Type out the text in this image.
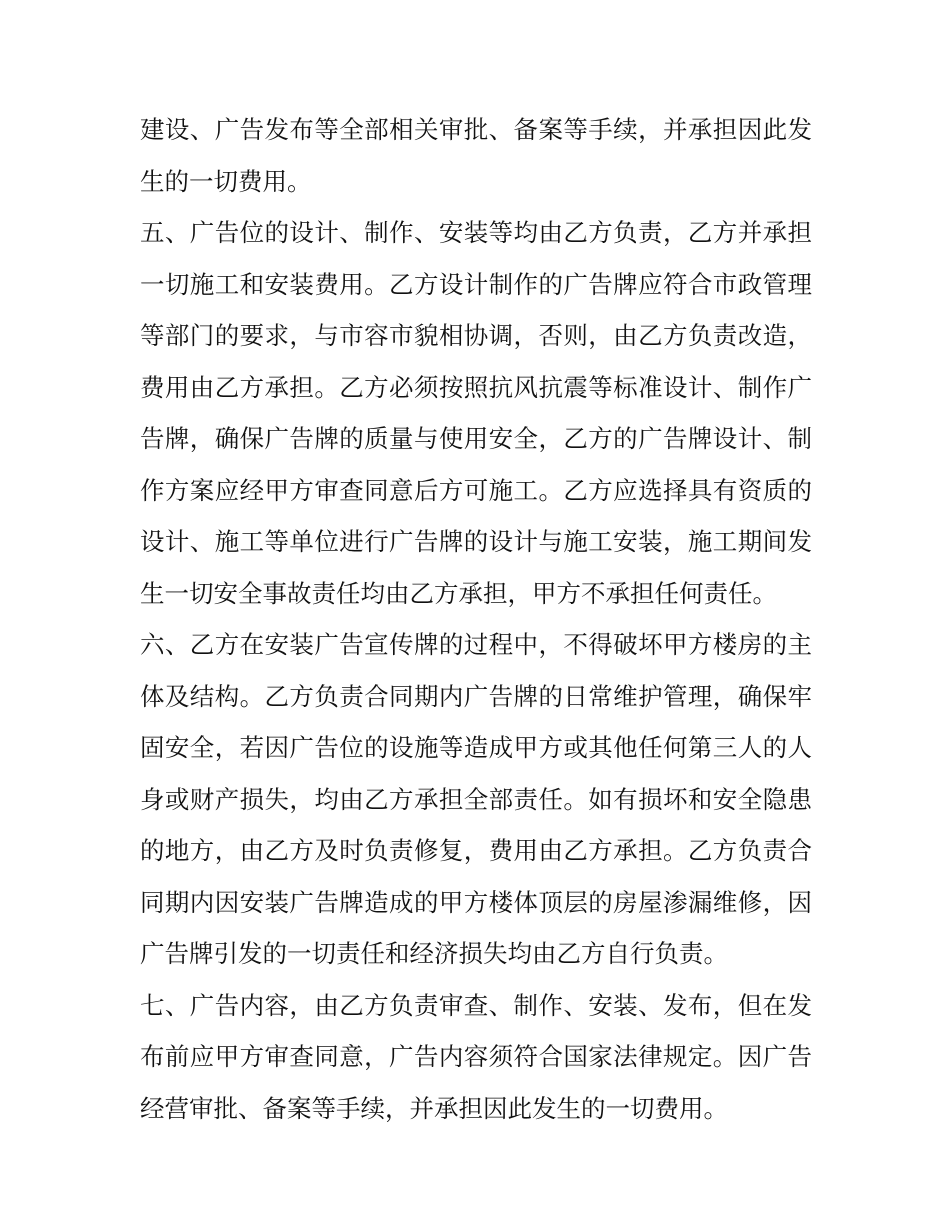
建设、广告发布等全部相关审批、备案等手续，并承担因此发
生的一切费用。
五、广告位的设计、制作、安装等均由乙方负责，乙方并承担
一切施工和安装费用。乙方设计制作的广告牌应符合市政管理
等部门的要求，与市容市貌相协调，否则，由乙方负责改造，
费用由乙方承担。乙方必须按照抗风抗震等标准设计、制作广
告牌，确保广告牌的质量与使用安全，乙方的广告牌设计、制
作方案应经甲方审查同意后方可施工。乙方应选择具有资质的
设计、施工等单位进行广告牌的设计与施工安装，施工期间发
生一切安全事故责任均由乙方承担，甲方不承担任何责任。
六、乙方在安装广告宣传牌的过程中，不得破坏甲方楼房的主
体及结构。乙方负责合同期内广告牌的日常维护管理，确保牢
固安全，若因广告位的设施等造成甲方或其他任何第三人的人
身或财产损失，均由乙方承担全部责任。如有损坏和安全隐患
的地方，由乙方及时负责修复，费用由乙方承担。乙方负责合
同期内因安装广告牌造成的甲方楼体顶层的房屋渗漏维修，因
广告牌引发的一切责任和经济损失均由乙方自行负责。
七、广告内容，由乙方负责审查、制作、安装、发布，但在发
布前应甲方审查同意，广告内容须符合国家法律规定。因广告
经营审批、备案等手续，并承担因此发生的一切费用。
